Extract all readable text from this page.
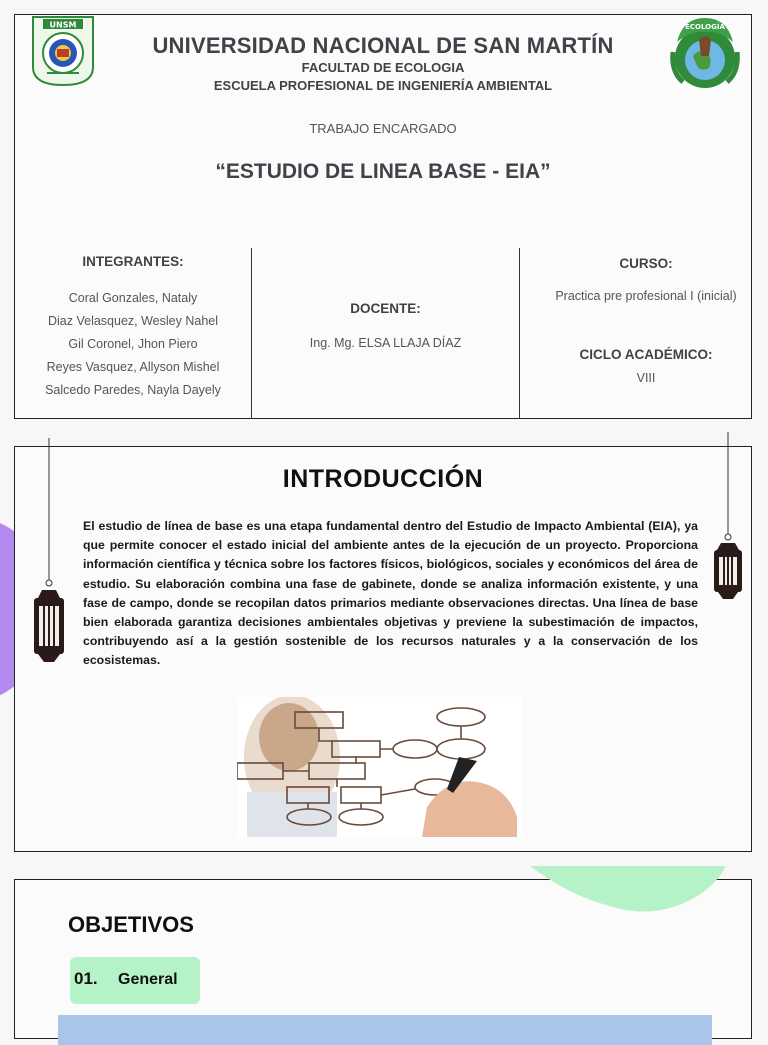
UNSM	ECOLOGÍA
UNIVERSIDAD NACIONAL DE SAN MARTÍN
FACULTAD DE ECOLOGIA
ESCUELA PROFESIONAL DE INGENIERÍA AMBIENTAL
TRABAJO ENCARGADO
“ESTUDIO DE LINEA BASE - EIA”
INTEGRANTES:
Coral Gonzales, Nataly
Diaz Velasquez, Wesley Nahel
Gil Coronel, Jhon Piero
Reyes Vasquez, Allyson Mishel
Salcedo Paredes, Nayla Dayely
DOCENTE:
Ing. Mg. ELSA LLAJA DÍAZ
CURSO:
Practica pre profesional I (inicial)
CICLO ACADÉMICO:
VIII
INTRODUCCIÓN
El estudio de línea de base es una etapa fundamental dentro del Estudio de Impacto Ambiental (EIA), ya que permite conocer el estado inicial del ambiente antes de la ejecución de un proyecto. Proporciona información científica y técnica sobre los factores físicos, biológicos, sociales y económicos del área de estudio. Su elaboración combina una fase de gabinete, donde se analiza información existente, y una fase de campo, donde se recopilan datos primarios mediante observaciones directas. Una línea de base bien elaborada garantiza decisiones ambientales objetivas y previene la subestimación de impactos, contribuyendo así a la gestión sostenible de los recursos naturales y a la conservación de los ecosistemas.
OBJETIVOS
01. General
